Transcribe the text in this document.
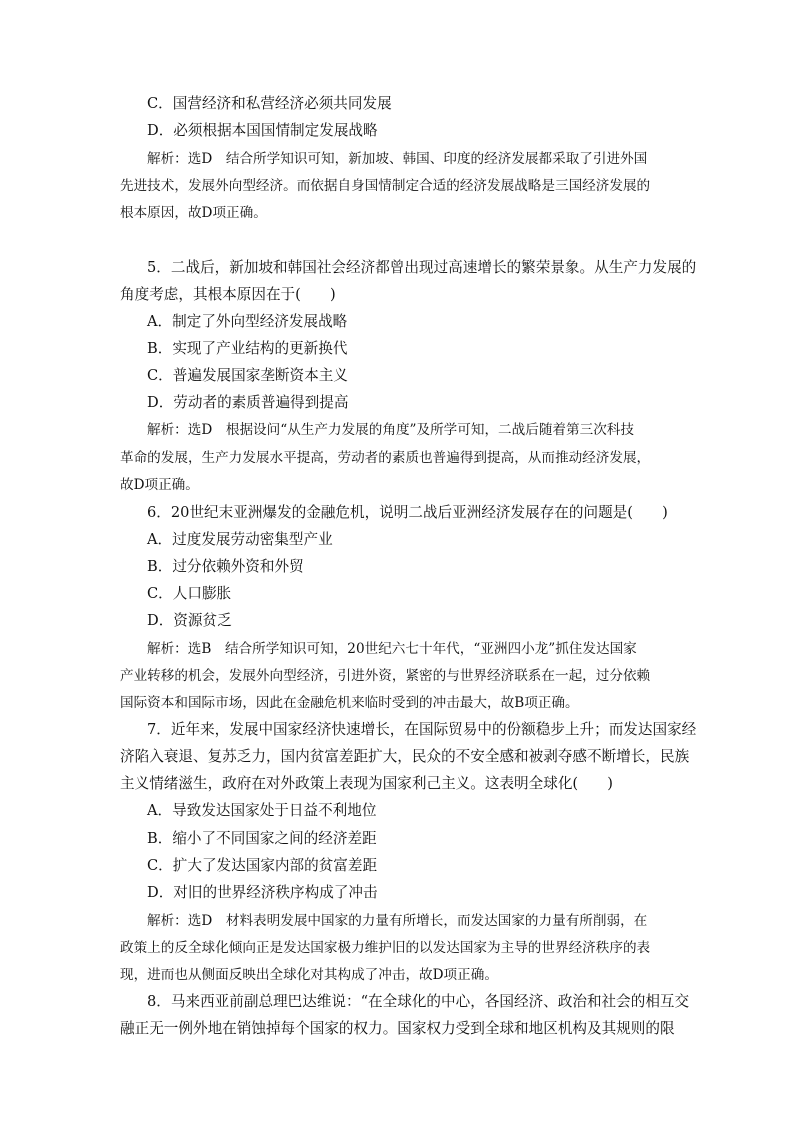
C．国营经济和私营经济必须共同发展
D．必须根据本国国情制定发展战略
解析：选D　结合所学知识可知，新加坡、韩国、印度的经济发展都采取了引进外国
先进技术，发展外向型经济。而依据自身国情制定合适的经济发展战略是三国经济发展的
根本原因，故D项正确。
5．二战后，新加坡和韩国社会经济都曾出现过高速增长的繁荣景象。从生产力发展的
角度考虑，其根本原因在于(　　)
A．制定了外向型经济发展战略
B．实现了产业结构的更新换代
C．普遍发展国家垄断资本主义
D．劳动者的素质普遍得到提高
解析：选D　根据设问“从生产力发展的角度”及所学可知，二战后随着第三次科技
革命的发展，生产力发展水平提高，劳动者的素质也普遍得到提高，从而推动经济发展，
故D项正确。
6．20世纪末亚洲爆发的金融危机，说明二战后亚洲经济发展存在的问题是(　　)
A．过度发展劳动密集型产业
B．过分依赖外资和外贸
C．人口膨胀
D．资源贫乏
解析：选B　结合所学知识可知，20世纪六七十年代，“亚洲四小龙”抓住发达国家
产业转移的机会，发展外向型经济，引进外资，紧密的与世界经济联系在一起，过分依赖
国际资本和国际市场，因此在金融危机来临时受到的冲击最大，故B项正确。
7．近年来，发展中国家经济快速增长，在国际贸易中的份额稳步上升；而发达国家经
济陷入衰退、复苏乏力，国内贫富差距扩大，民众的不安全感和被剥夺感不断增长，民族
主义情绪滋生，政府在对外政策上表现为国家利己主义。这表明全球化(　　)
A．导致发达国家处于日益不利地位
B．缩小了不同国家之间的经济差距
C．扩大了发达国家内部的贫富差距
D．对旧的世界经济秩序构成了冲击
解析：选D　材料表明发展中国家的力量有所增长，而发达国家的力量有所削弱，在
政策上的反全球化倾向正是发达国家极力维护旧的以发达国家为主导的世界经济秩序的表
现，进而也从侧面反映出全球化对其构成了冲击，故D项正确。
8．马来西亚前副总理巴达维说：“在全球化的中心，各国经济、政治和社会的相互交
融正无一例外地在销蚀掉每个国家的权力。国家权力受到全球和地区机构及其规则的限
